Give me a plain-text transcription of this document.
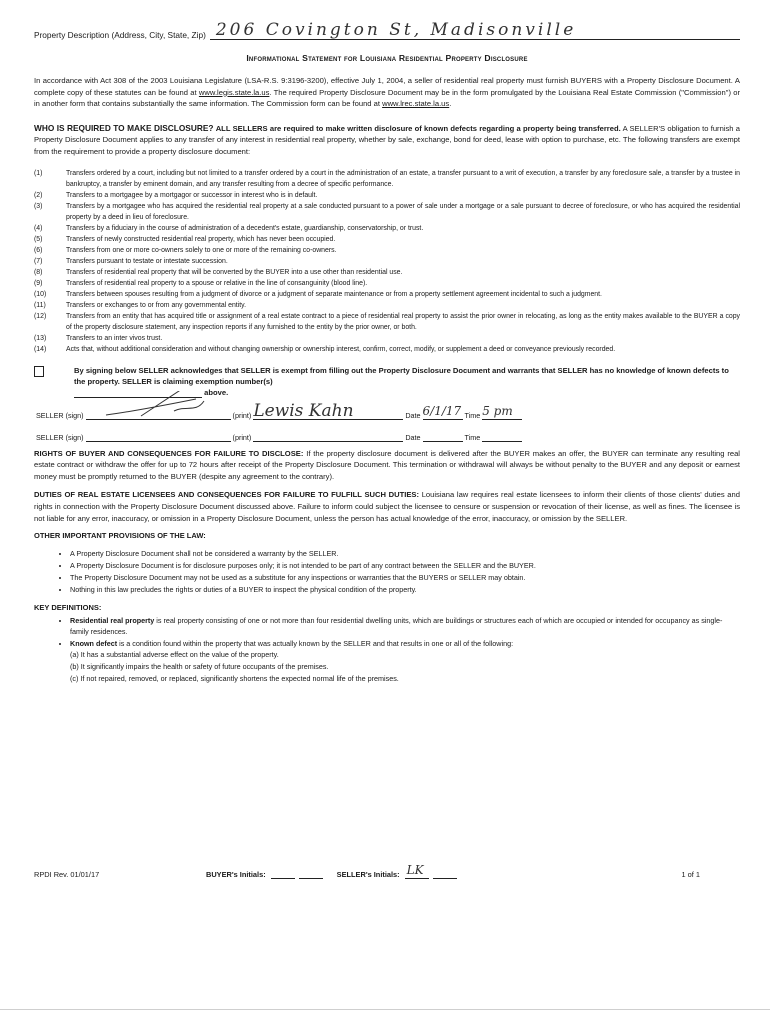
Property Description (Address, City, State, Zip) 206 Covington St, Madisonville
Informational Statement for Louisiana Residential Property Disclosure

In accordance with Act 308 of the 2003 Louisiana Legislature (LSA-R.S. 9:3196-3200), effective July 1, 2004, a seller of residential real property must furnish BUYERS with a Property Disclosure Document. A complete copy of these statutes can be found at www.legis.state.la.us. The required Property Disclosure Document may be in the form promulgated by the Louisiana Real Estate Commission ("Commission") or in another form that contains substantially the same information. The Commission form can be found at www.lrec.state.la.us.

WHO IS REQUIRED TO MAKE DISCLOSURE? ALL SELLERS are required to make written disclosure of known defects regarding a property being transferred. A SELLER'S obligation to furnish a Property Disclosure Document applies to any transfer of any interest in residential real property, whether by sale, exchange, bond for deed, lease with option to purchase, etc. The following transfers are exempt from the requirement to provide a property disclosure document:

(1)	Transfers ordered by a court, including but not limited to a transfer ordered by a court in the administration of an estate, a transfer pursuant to a writ of execution, a transfer by any foreclosure sale, a transfer by a trustee in bankruptcy, a transfer by eminent domain, and any transfer resulting from a decree of specific performance.
(2)	Transfers to a mortgagee by a mortgagor or successor in interest who is in default.
(3)	Transfers by a mortgagee who has acquired the residential real property at a sale conducted pursuant to a power of sale under a mortgage or a sale pursuant to decree of foreclosure, or who has acquired the residential property by a deed in lieu of foreclosure.
(4)	Transfers by a fiduciary in the course of administration of a decedent's estate, guardianship, conservatorship, or trust.
(5)	Transfers of newly constructed residential real property, which has never been occupied.
(6)	Transfers from one or more co-owners solely to one or more of the remaining co-owners.
(7)	Transfers pursuant to testate or intestate succession.
(8)	Transfers of residential real property that will be converted by the BUYER into a use other than residential use.
(9)	Transfers of residential real property to a spouse or relative in the line of consanguinity (blood line).
(10)	Transfers between spouses resulting from a judgment of divorce or a judgment of separate maintenance or from a property settlement agreement incidental to such a judgment.
(11)	Transfers or exchanges to or from any governmental entity.
(12)	Transfers from an entity that has acquired title or assignment of a real estate contract to a piece of residential real property to assist the prior owner in relocating, as long as the entity makes available to the BUYER a copy of the property disclosure statement, any inspection reports if any furnished to the entity by the prior owner, or both.
(13)	Transfers to an inter vivos trust.
(14)	Acts that, without additional consideration and without changing ownership or ownership interest, confirm, correct, modify, or supplement a deed or conveyance previously recorded.
By signing below SELLER acknowledges that SELLER is exempt from filling out the Property Disclosure Document and warrants that SELLER has no knowledge of known defects to the property. SELLER is claiming exemption number(s)
above.
SELLER (sign)	(print) Lewis Kahn	Date 6/1/17 Time 5 pm
SELLER (sign)	(print)	Date	Time

RIGHTS OF BUYER AND CONSEQUENCES FOR FAILURE TO DISCLOSE: If the property disclosure document is delivered after the BUYER makes an offer, the BUYER can terminate any resulting real estate contract or withdraw the offer for up to 72 hours after receipt of the Property Disclosure Document. This termination or withdrawal will always be without penalty to the BUYER and any deposit or earnest money must be promptly returned to the BUYER (despite any agreement to the contrary).

DUTIES OF REAL ESTATE LICENSEES AND CONSEQUENCES FOR FAILURE TO FULFILL SUCH DUTIES: Louisiana law requires real estate licensees to inform their clients of those clients' duties and rights in connection with the Property Disclosure Document discussed above. Failure to inform could subject the licensee to censure or suspension or revocation of their license, as well as fines. The licensee is not liable for any error, inaccuracy, or omission in a Property Disclosure Document, unless the person has actual knowledge of the error, inaccuracy, or omission by the SELLER.

OTHER IMPORTANT PROVISIONS OF THE LAW:
• A Property Disclosure Document shall not be considered a warranty by the SELLER.
• A Property Disclosure Document is for disclosure purposes only; it is not intended to be part of any contract between the SELLER and the BUYER.
• The Property Disclosure Document may not be used as a substitute for any inspections or warranties that the BUYERS or SELLER may obtain.
• Nothing in this law precludes the rights or duties of a BUYER to inspect the physical condition of the property.
KEY DEFINITIONS:
• Residential real property is real property consisting of one or not more than four residential dwelling units, which are buildings or structures each of which are occupied or intended for occupancy as single-family residences.
• Known defect is a condition found within the property that was actually known by the SELLER and that results in one or all of the following:
(a) It has a substantial adverse effect on the value of the property.
(b) It significantly impairs the health or safety of future occupants of the premises.
(c) If not repaired, removed, or replaced, significantly shortens the expected normal life of the premises.
RPDI Rev. 01/01/17	BUYER's Initials:	SELLER's Initials: LK	1 of 1
